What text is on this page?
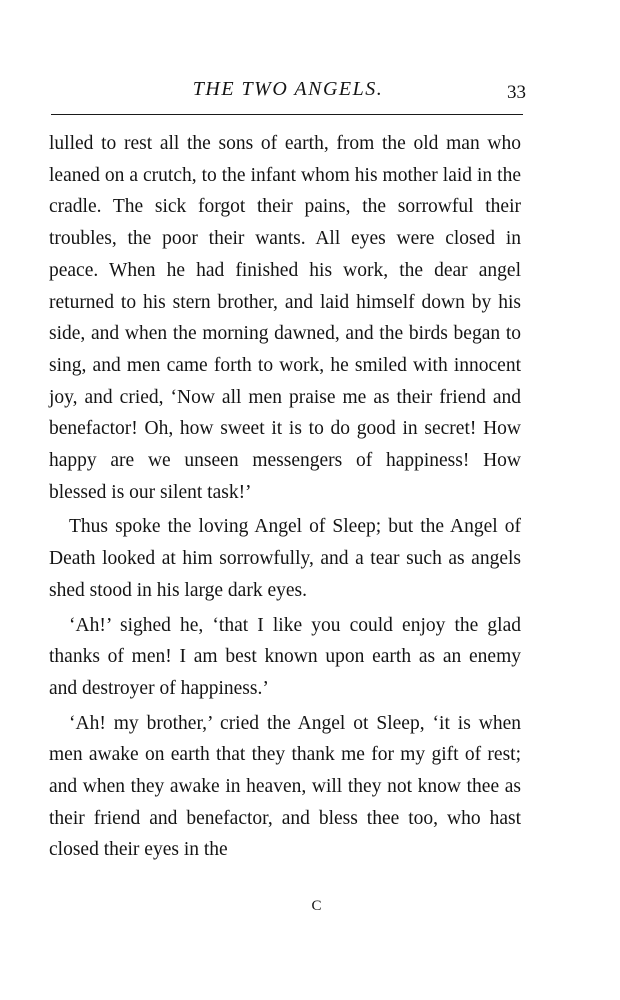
THE TWO ANGELS.	33

lulled to rest all the sons of earth, from the old man who leaned on a crutch, to the infant whom his mother laid in the cradle. The sick forgot their pains, the sorrowful their troubles, the poor their wants. All eyes were closed in peace. When he had finished his work, the dear angel returned to his stern brother, and laid himself down by his side, and when the morning dawned, and the birds began to sing, and men came forth to work, he smiled with innocent joy, and cried, ‘Now all men praise me as their friend and benefactor! Oh, how sweet it is to do good in secret! How happy are we unseen messengers of happiness! How blessed is our silent task!’

Thus spoke the loving Angel of Sleep; but the Angel of Death looked at him sorrowfully, and a tear such as angels shed stood in his large dark eyes.

‘Ah!’ sighed he, ‘that I like you could enjoy the glad thanks of men! I am best known upon earth as an enemy and destroyer of happiness.’

‘Ah! my brother,’ cried the Angel ot Sleep, ‘it is when men awake on earth that they thank me for my gift of rest; and when they awake in heaven, will they not know thee as their friend and benefactor, and bless thee too, who hast closed their eyes in the

C
